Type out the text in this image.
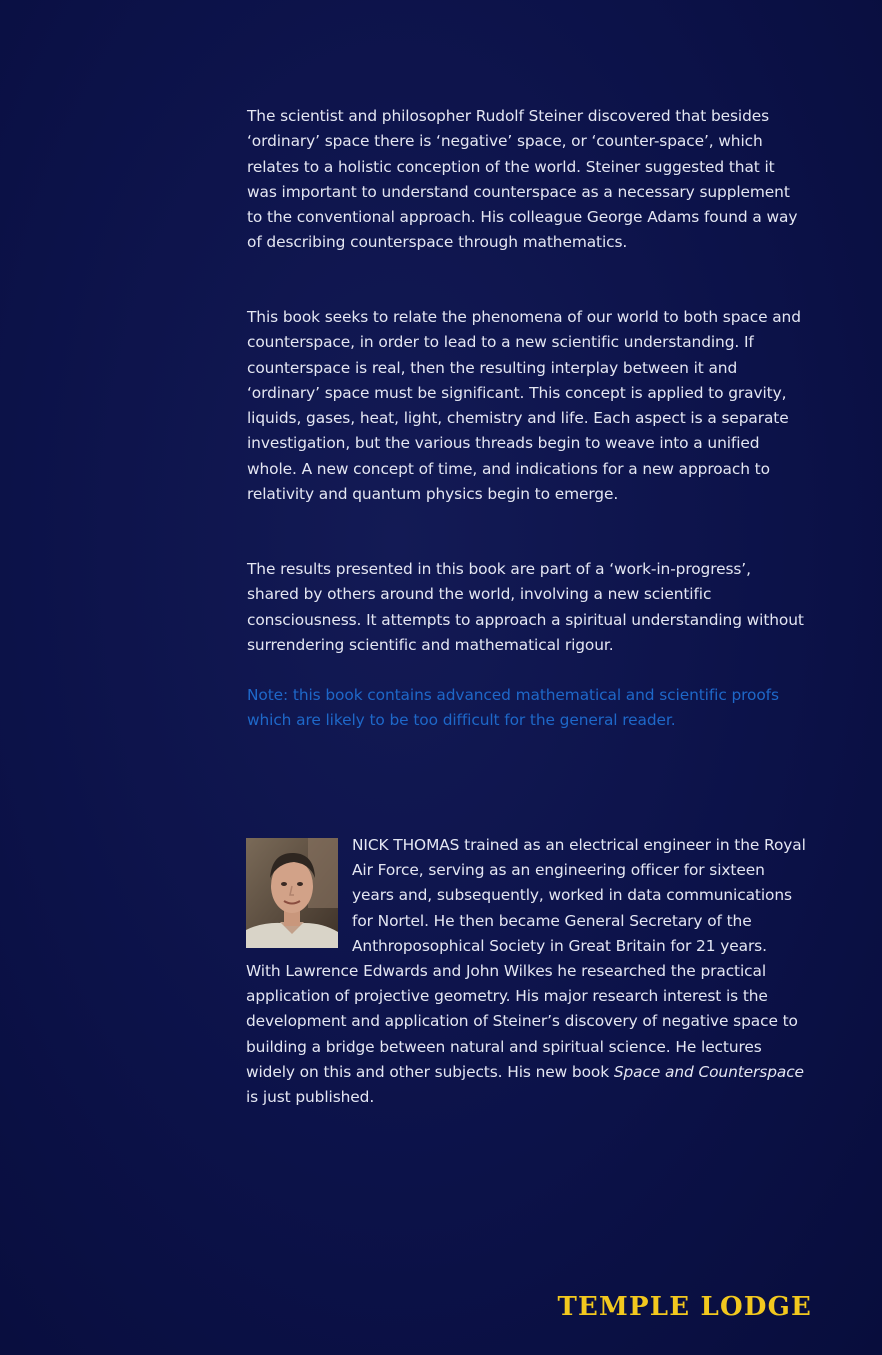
The scientist and philosopher Rudolf Steiner discovered that besides ‘ordinary’ space there is ‘negative’ space, or ‘counter-space’, which relates to a holistic conception of the world. Steiner suggested that it was important to understand counterspace as a necessary supplement to the conventional approach. His colleague George Adams found a way of describing counterspace through mathematics.

This book seeks to relate the phenomena of our world to both space and counterspace, in order to lead to a new scientific understanding. If counterspace is real, then the resulting interplay between it and ‘ordinary’ space must be significant. This concept is applied to gravity, liquids, gases, heat, light, chemistry and life. Each aspect is a separate investigation, but the various threads begin to weave into a unified whole. A new concept of time, and indications for a new approach to relativity and quantum physics begin to emerge.

The results presented in this book are part of a ‘work-in-progress’, shared by others around the world, involving a new scientific consciousness. It attempts to approach a spiritual understanding without surrendering scientific and mathematical rigour.

Note: this book contains advanced mathematical and scientific proofs which are likely to be too difficult for the general reader.

NICK THOMAS trained as an electrical engineer in the Royal Air Force, serving as an engineering officer for sixteen years and, subsequently, worked in data communications for Nortel. He then became General Secretary of the Anthroposophical Society in Great Britain for 21 years. With Lawrence Edwards and John Wilkes he researched the practical application of projective geometry. His major research interest is the development and application of Steiner’s discovery of negative space to building a bridge between natural and spiritual science. He lectures widely on this and other subjects. His new book Space and Counterspace is just published.

TEMPLE LODGE
